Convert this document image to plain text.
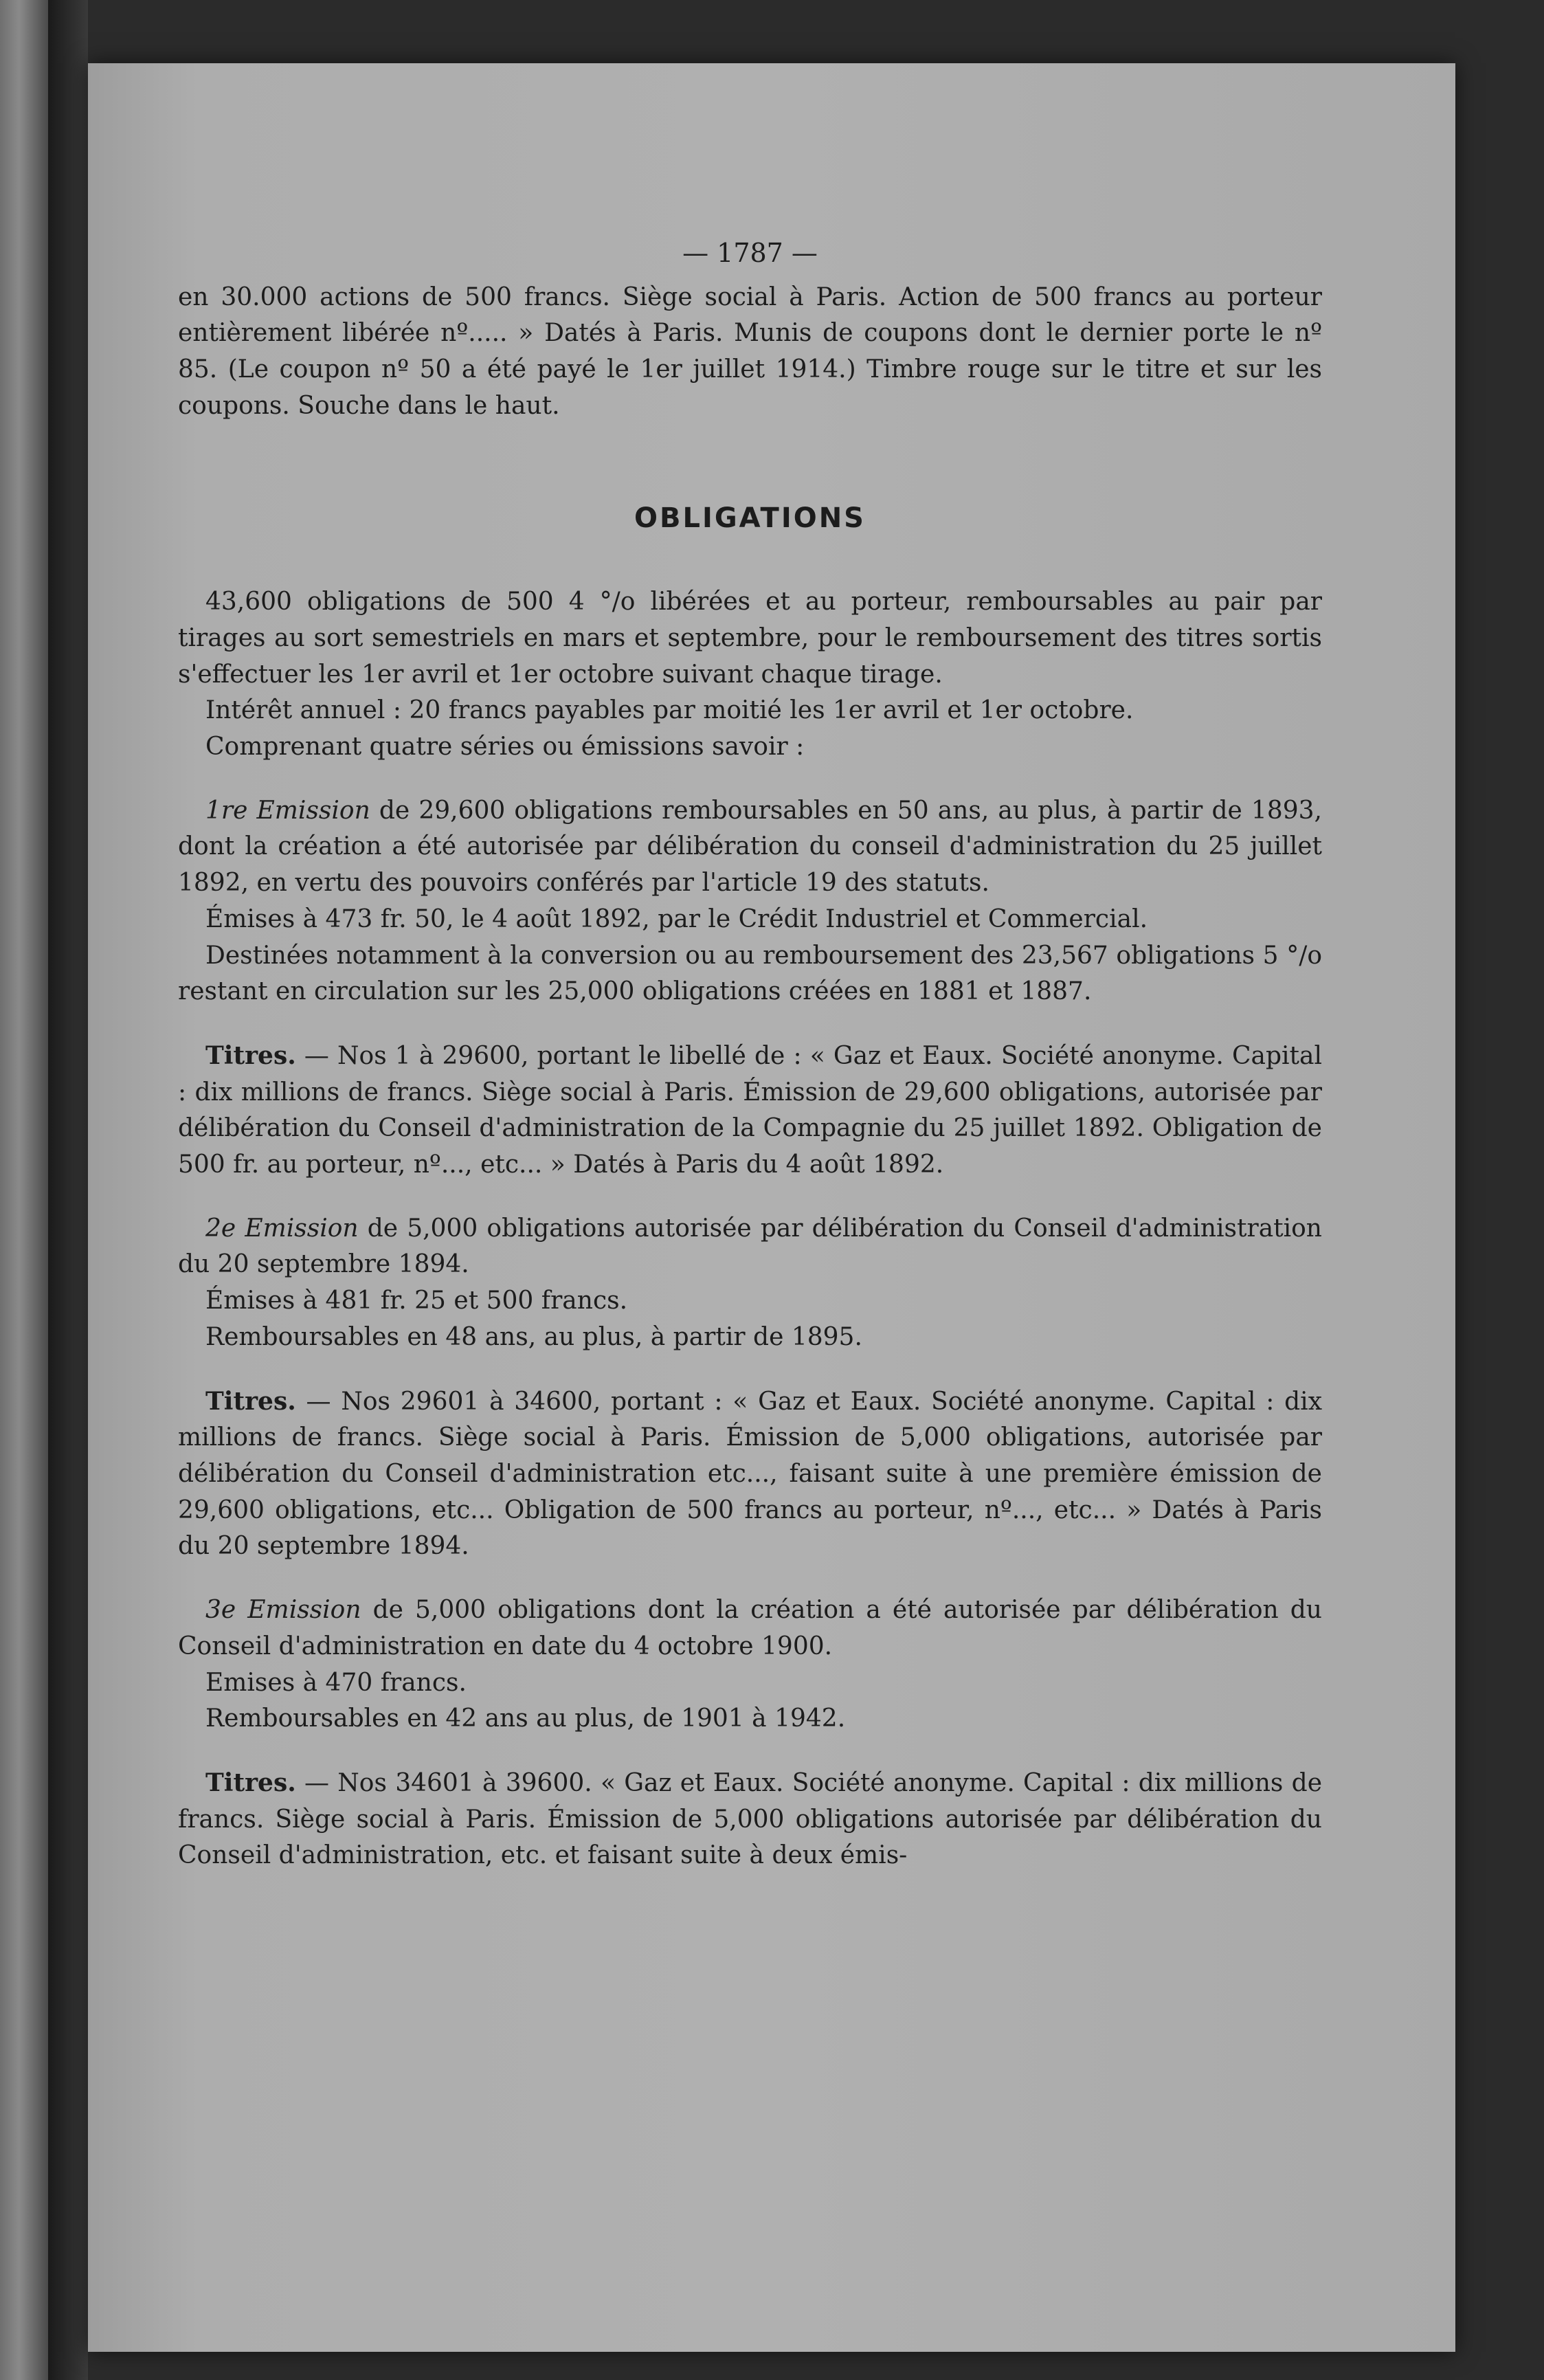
— 1787 —

en 30.000 actions de 500 francs. Siège social à Paris. Action de 500 francs au porteur entièrement libérée nº..... » Datés à Paris. Munis de coupons dont le dernier porte le nº 85. (Le coupon nº 50 a été payé le 1er juillet 1914.) Timbre rouge sur le titre et sur les coupons. Souche dans le haut.

OBLIGATIONS

43,600 obligations de 500 4 °/o libérées et au porteur, remboursables au pair par tirages au sort semestriels en mars et septembre, pour le remboursement des titres sortis s'effectuer les 1er avril et 1er octobre suivant chaque tirage.

Intérêt annuel : 20 francs payables par moitié les 1er avril et 1er octobre.

Comprenant quatre séries ou émissions savoir :

1re Emission de 29,600 obligations remboursables en 50 ans, au plus, à partir de 1893, dont la création a été autorisée par délibération du conseil d'administration du 25 juillet 1892, en vertu des pouvoirs conférés par l'article 19 des statuts.

Émises à 473 fr. 50, le 4 août 1892, par le Crédit Industriel et Commercial.

Destinées notamment à la conversion ou au remboursement des 23,567 obligations 5 °/o restant en circulation sur les 25,000 obligations créées en 1881 et 1887.

Titres. — Nos 1 à 29600, portant le libellé de : « Gaz et Eaux. Société anonyme. Capital : dix millions de francs. Siège social à Paris. Émission de 29,600 obligations, autorisée par délibération du Conseil d'administration de la Compagnie du 25 juillet 1892. Obligation de 500 fr. au porteur, nº..., etc... » Datés à Paris du 4 août 1892.

2e Emission de 5,000 obligations autorisée par délibération du Conseil d'administration du 20 septembre 1894.

Émises à 481 fr. 25 et 500 francs.

Remboursables en 48 ans, au plus, à partir de 1895.

Titres. — Nos 29601 à 34600, portant : « Gaz et Eaux. Société anonyme. Capital : dix millions de francs. Siège social à Paris. Émission de 5,000 obligations, autorisée par délibération du Conseil d'administration etc..., faisant suite à une première émission de 29,600 obligations, etc... Obligation de 500 francs au porteur, nº..., etc... » Datés à Paris du 20 septembre 1894.

3e Emission de 5,000 obligations dont la création a été autorisée par délibération du Conseil d'administration en date du 4 octobre 1900.

Emises à 470 francs.

Remboursables en 42 ans au plus, de 1901 à 1942.

Titres. — Nos 34601 à 39600. « Gaz et Eaux. Société anonyme. Capital : dix millions de francs. Siège social à Paris. Émission de 5,000 obligations autorisée par délibération du Conseil d'administration, etc. et faisant suite à deux émis-
